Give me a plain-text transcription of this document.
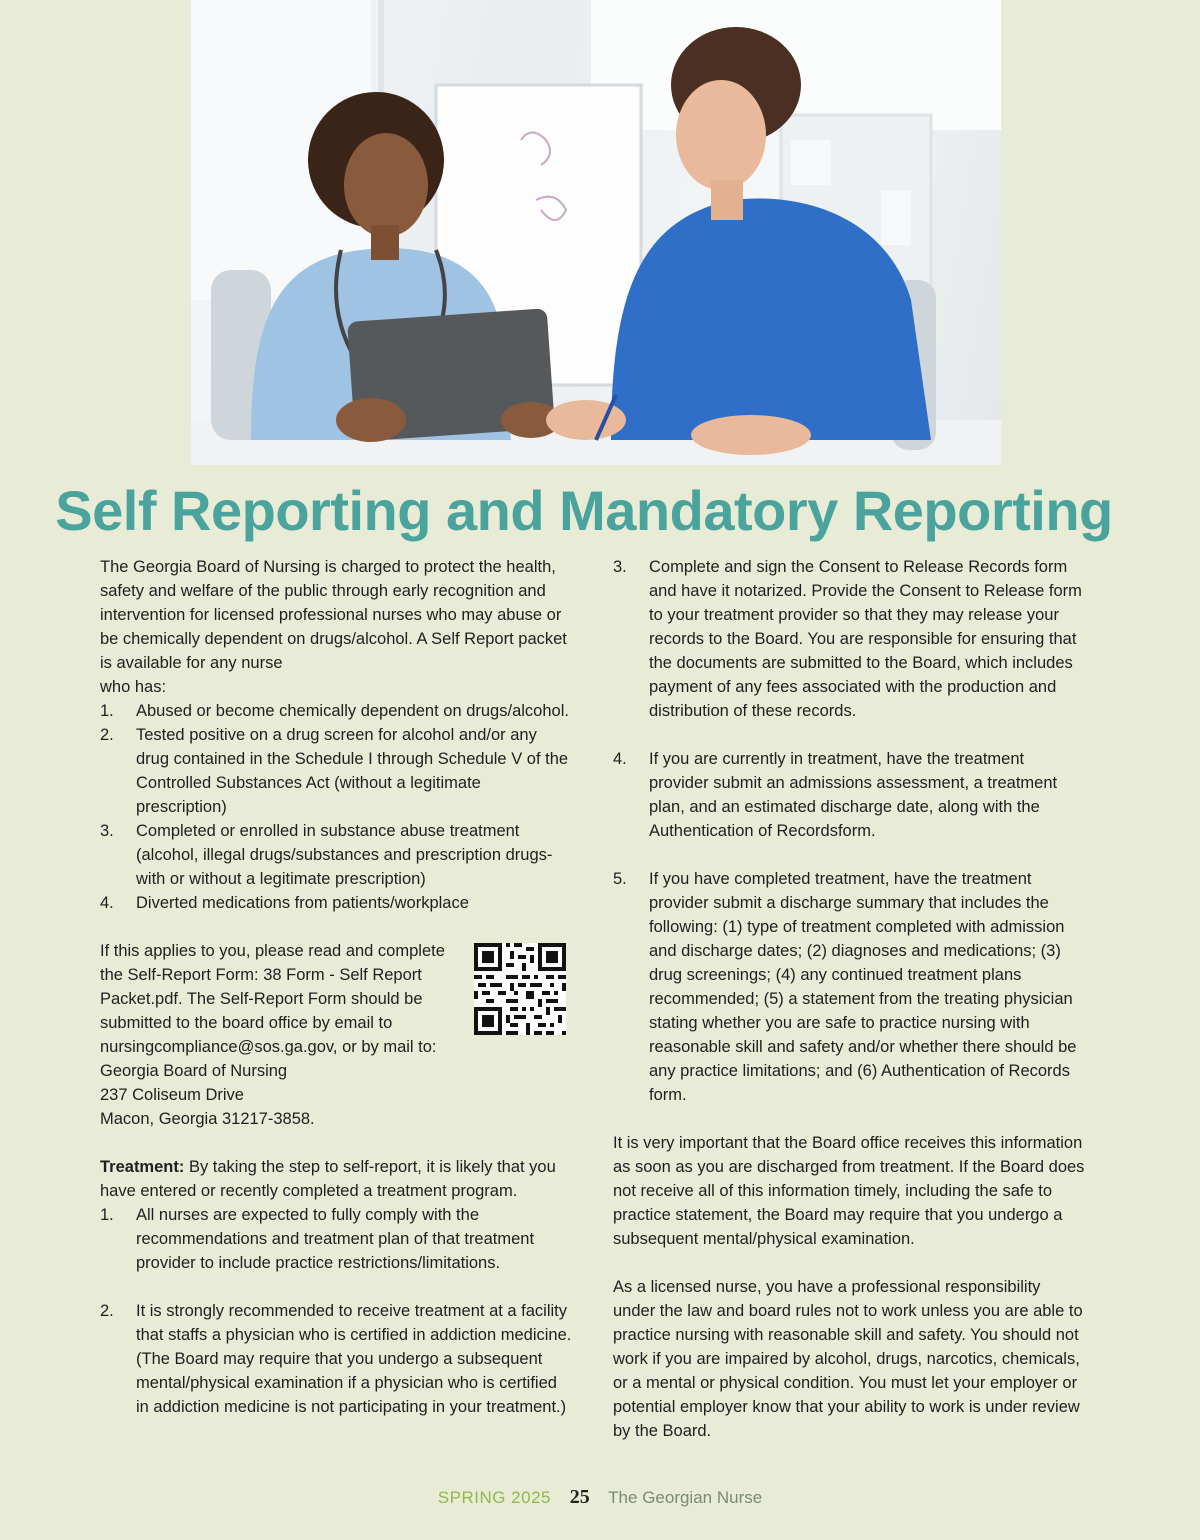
Self Reporting and Mandatory Reporting

The Georgia Board of Nursing is charged to protect the health, safety and welfare of the public through early recognition and intervention for licensed professional nurses who may abuse or be chemically dependent on drugs/alcohol. A Self Report packet is available for any nurse

who has:

1. Abused or become chemically dependent on drugs/alcohol.
2. Tested positive on a drug screen for alcohol and/or any drug contained in the Schedule I through Schedule V of the Controlled Substances Act (without a legitimate prescription)
3. Completed or enrolled in substance abuse treatment (alcohol, illegal drugs/substances and prescription drugs- with or without a legitimate prescription)
4. Diverted medications from patients/workplace
If this applies to you, please read and complete
the Self-Report Form: 38 Form - Self Report
Packet.pdf. The Self-Report Form should be
submitted to the board office by email to
nursingcompliance@sos.ga.gov, or by mail to:
Georgia Board of Nursing
237 Coliseum Drive
Macon, Georgia 31217-3858.

Treatment: By taking the step to self-report, it is likely that you have entered or recently completed a treatment program.

1. All nurses are expected to fully comply with the recommendations and treatment plan of that treatment provider to include practice restrictions/limitations.
2. It is strongly recommended to receive treatment at a facility that staffs a physician who is certified in addiction medicine. (The Board may require that you undergo a subsequent mental/physical examination if a physician who is certified in addiction medicine is not participating in your treatment.)
3. Complete and sign the Consent to Release Records form and have it notarized. Provide the Consent to Release form to your treatment provider so that they may release your records to the Board. You are responsible for ensuring that the documents are submitted to the Board, which includes payment of any fees associated with the production and distribution of these records.
4. If you are currently in treatment, have the treatment provider submit an admissions assessment, a treatment plan, and an estimated discharge date, along with the Authentication of Recordsform.
5. If you have completed treatment, have the treatment provider submit a discharge summary that includes the following: (1) type of treatment completed with admission and discharge dates; (2) diagnoses and medications; (3) drug screenings; (4) any continued treatment plans recommended; (5) a statement from the treating physician stating whether you are safe to practice nursing with reasonable skill and safety and/or whether there should be any practice limitations; and (6) Authentication of Records form.

It is very important that the Board office receives this information as soon as you are discharged from treatment. If the Board does not receive all of this information timely, including the safe to practice statement, the Board may require that you undergo a subsequent mental/physical examination.

As a licensed nurse, you have a professional responsibility under the law and board rules not to work unless you are able to practice nursing with reasonable skill and safety. You should not work if you are impaired by alcohol, drugs, narcotics, chemicals, or a mental or physical condition. You must let your employer or potential employer know that your ability to work is under review by the Board.

SPRING 2025 25 The Georgian Nurse
